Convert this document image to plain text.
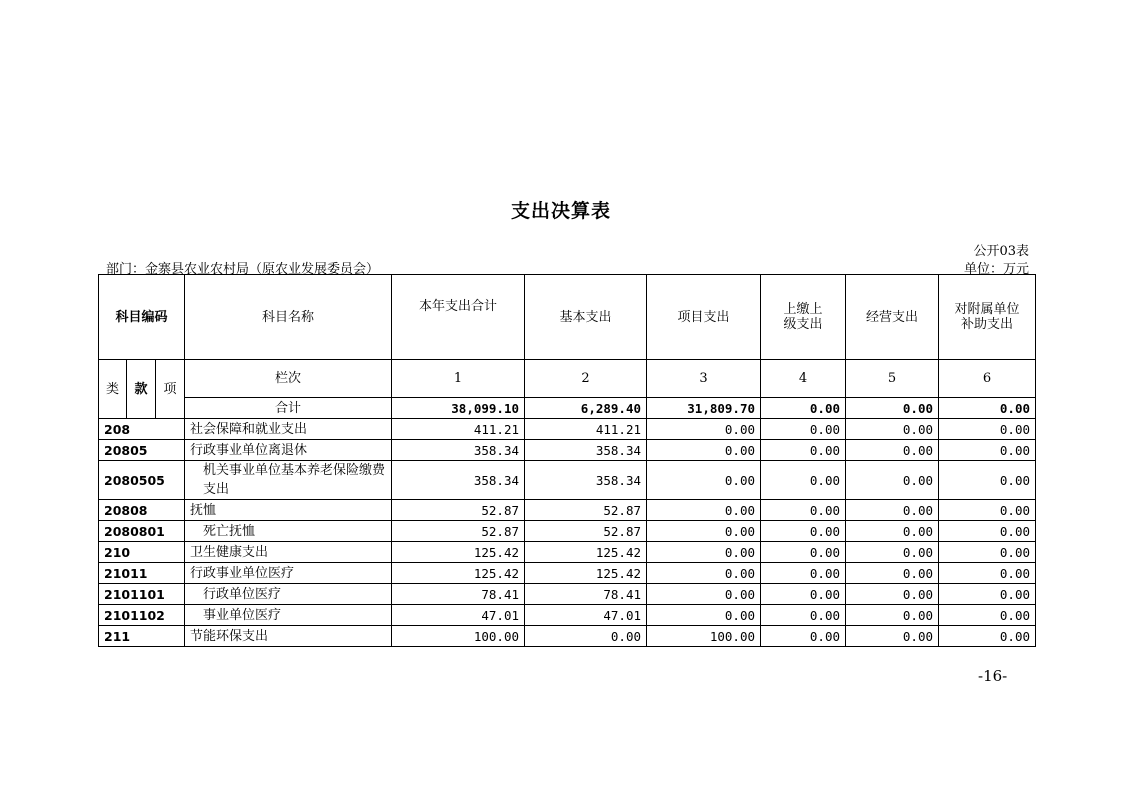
支出决算表
公开03表
部门：金寨县农业农村局（原农业发展委员会）	单位：万元
科目编码			科目名称	本年支出合计	基本支出	项目支出	上缴上级支出	经营支出	对附属单位补助支出
类	款	项	栏次	1	2	3	4	5	6
			合计	38,099.10	6,289.40	31,809.70	0.00	0.00	0.00
208			社会保障和就业支出	411.21	411.21	0.00	0.00	0.00	0.00
20805			行政事业单位离退休	358.34	358.34	0.00	0.00	0.00	0.00
2080505			机关事业单位基本养老保险缴费支出	358.34	358.34	0.00	0.00	0.00	0.00
20808			抚恤	52.87	52.87	0.00	0.00	0.00	0.00
2080801			死亡抚恤	52.87	52.87	0.00	0.00	0.00	0.00
210			卫生健康支出	125.42	125.42	0.00	0.00	0.00	0.00
21011			行政事业单位医疗	125.42	125.42	0.00	0.00	0.00	0.00
2101101			行政单位医疗	78.41	78.41	0.00	0.00	0.00	0.00
2101102			事业单位医疗	47.01	47.01	0.00	0.00	0.00	0.00
211			节能环保支出	100.00	0.00	100.00	0.00	0.00	0.00
-16-
